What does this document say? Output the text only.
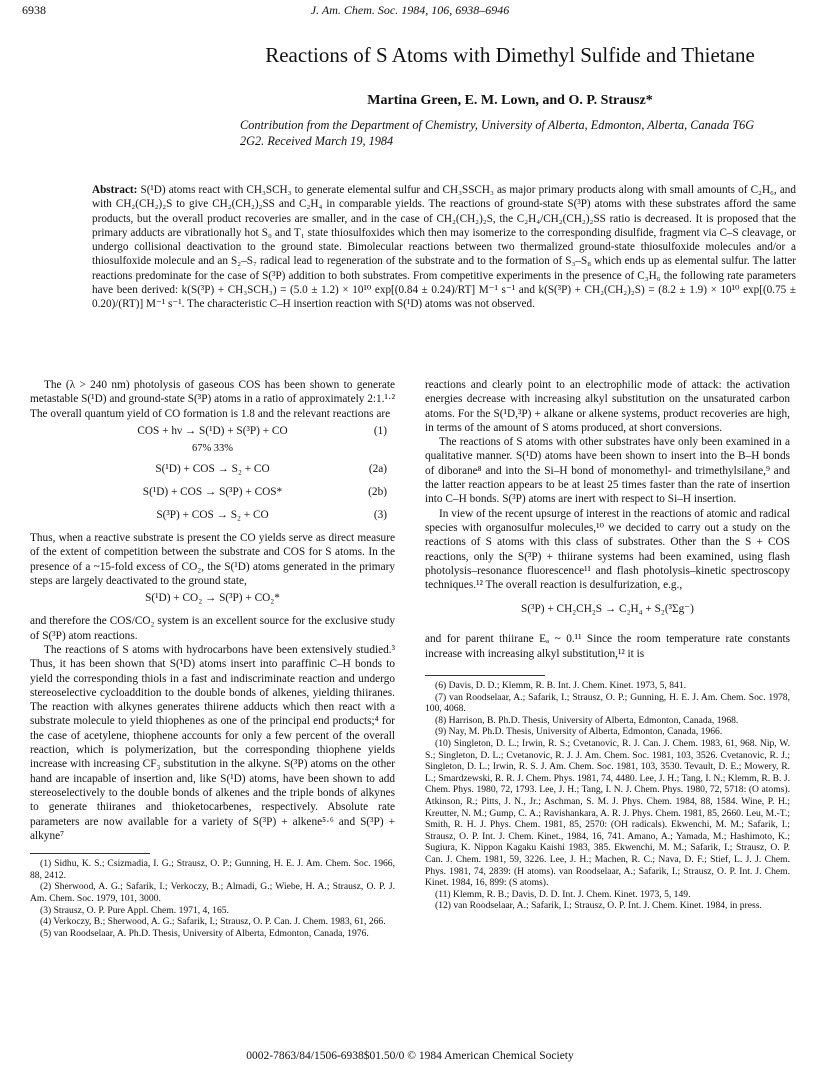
6938	J. Am. Chem. Soc. 1984, 106, 6938–6946
Reactions of S Atoms with Dimethyl Sulfide and Thietane
Martina Green, E. M. Lown, and O. P. Strausz*
Contribution from the Department of Chemistry, University of Alberta, Edmonton, Alberta, Canada T6G 2G2. Received March 19, 1984
Abstract: S(¹D) atoms react with CH₃SCH₃ to generate elemental sulfur and CH₃SSCH₃ as major primary products along with small amounts of C₂H₆, and with CH₂(CH₂)₂S to give CH₂(CH₂)₂SS and C₂H₄ in comparable yields. The reactions of ground-state S(³P) atoms with these substrates afford the same products, but the overall product recoveries are smaller, and in the case of CH₂(CH₂)₂S, the C₂H₄/CH₂(CH₂)₂SS ratio is decreased. It is proposed that the primary adducts are vibrationally hot S₀ and T₁ state thiosulfoxides which then may isomerize to the corresponding disulfide, fragment via C–S cleavage, or undergo collisional deactivation to the ground state. Bimolecular reactions between two thermalized ground-state thiosulfoxide molecules and/or a thiosulfoxide molecule and an S₂–S₇ radical lead to regeneration of the substrate and to the formation of S₃–S₈ which ends up as elemental sulfur. The latter reactions predominate for the case of S(³P) addition to both substrates. From competitive experiments in the presence of C₃H₆ the following rate parameters have been derived: k(S(³P) + CH₃SCH₃) = (5.0 ± 1.2) × 10¹⁰ exp[(0.84 ± 0.24)/RT] M⁻¹ s⁻¹ and k(S(³P) + CH₂(CH₂)₂S) = (8.2 ± 1.9) × 10¹⁰ exp[(0.75 ± 0.20)/(RT)] M⁻¹ s⁻¹. The characteristic C–H insertion reaction with S(¹D) atoms was not observed.

The (λ > 240 nm) photolysis of gaseous COS has been shown to generate metastable S(¹D) and ground-state S(³P) atoms in a ratio of approximately 2:1.¹·² The overall quantum yield of CO formation is 1.8 and the relevant reactions are

COS + hν → S(¹D) + S(³P) + CO	(1)
67% 33%
S(¹D) + COS → S₂ + CO	(2a)
S(¹D) + COS → S(³P) + COS*	(2b)
S(³P) + COS → S₂ + CO	(3)

Thus, when a reactive substrate is present the CO yields serve as direct measure of the extent of competition between the substrate and COS for S atoms. In the presence of a ~15-fold excess of CO₂, the S(¹D) atoms generated in the primary steps are largely deactivated to the ground state,

S(¹D) + CO₂ → S(³P) + CO₂*

and therefore the COS/CO₂ system is an excellent source for the exclusive study of S(³P) atom reactions.

The reactions of S atoms with hydrocarbons have been extensively studied.³ Thus, it has been shown that S(¹D) atoms insert into paraffinic C–H bonds to yield the corresponding thiols in a fast and indiscriminate reaction and undergo stereoselective cycloaddition to the double bonds of alkenes, yielding thiiranes. The reaction with alkynes generates thiirene adducts which then react with a substrate molecule to yield thiophenes as one of the principal end products;⁴ for the case of acetylene, thiophene accounts for only a few percent of the overall reaction, which is polymerization, but the corresponding thiophene yields increase with increasing CF₃ substitution in the alkyne. S(³P) atoms on the other hand are incapable of insertion and, like S(¹D) atoms, have been shown to add stereoselectively to the double bonds of alkenes and the triple bonds of alkynes to generate thiiranes and thioketocarbenes, respectively. Absolute rate parameters are now available for a variety of S(³P) + alkene⁵·⁶ and S(³P) + alkyne⁷

(1) Sidhu, K. S.; Csizmadia, I. G.; Strausz, O. P.; Gunning, H. E. J. Am. Chem. Soc. 1966, 88, 2412.
(2) Sherwood, A. G.; Safarik, I.; Verkoczy, B.; Almadi, G.; Wiebe, H. A.; Strausz, O. P. J. Am. Chem. Soc. 1979, 101, 3000.
(3) Strausz, O. P. Pure Appl. Chem. 1971, 4, 165.
(4) Verkoczy, B.; Sherwood, A. G.; Safarik, I.; Strausz, O. P. Can. J. Chem. 1983, 61, 266.
(5) van Roodselaar, A. Ph.D. Thesis, University of Alberta, Edmonton, Canada, 1976.

reactions and clearly point to an electrophilic mode of attack: the activation energies decrease with increasing alkyl substitution on the unsaturated carbon atoms. For the S(¹D,³P) + alkane or alkene systems, product recoveries are high, in terms of the amount of S atoms produced, at short conversions.

The reactions of S atoms with other substrates have only been examined in a qualitative manner. S(¹D) atoms have been shown to insert into the B–H bonds of diborane⁸ and into the Si–H bond of monomethyl- and trimethylsilane,⁹ and the latter reaction appears to be at least 25 times faster than the rate of insertion into C–H bonds. S(³P) atoms are inert with respect to Si–H insertion.

In view of the recent upsurge of interest in the reactions of atomic and radical species with organosulfur molecules,¹⁰ we decided to carry out a study on the reactions of S atoms with this class of substrates. Other than the S + COS reactions, only the S(³P) + thiirane systems had been examined, using flash photolysis–resonance fluorescence¹¹ and flash photolysis–kinetic spectroscopy techniques.¹² The overall reaction is desulfurization, e.g.,

S(³P) + CH₂CH₂S → C₂H₄ + S₂(³Σg⁻)

and for parent thiirane Eₐ ~ 0.¹¹ Since the room temperature rate constants increase with increasing alkyl substitution,¹² it is

(6) Davis, D. D.; Klemm, R. B. Int. J. Chem. Kinet. 1973, 5, 841.
(7) van Roodselaar, A.; Safarik, I.; Strausz, O. P.; Gunning, H. E. J. Am. Chem. Soc. 1978, 100, 4068.
(8) Harrison, B. Ph.D. Thesis, University of Alberta, Edmonton, Canada, 1968.
(9) Nay, M. Ph.D. Thesis, University of Alberta, Edmonton, Canada, 1966.
(10) Singleton, D. L.; Irwin, R. S.; Cvetanovic, R. J. Can. J. Chem. 1983, 61, 968. Nip, W. S.; Singleton, D. L.; Cvetanovic, R. J. J. Am. Chem. Soc. 1981, 103, 3526. Cvetanovic, R. J.; Singleton, D. L.; Irwin, R. S. J. Am. Chem. Soc. 1981, 103, 3530. Tevault, D. E.; Mowery, R. L.; Smardzewski, R. R. J. Chem. Phys. 1981, 74, 4480. Lee, J. H.; Tang, I. N.; Klemm, R. B. J. Chem. Phys. 1980, 72, 1793. Lee, J. H.; Tang, I. N. J. Chem. Phys. 1980, 72, 5718: (O atoms). Atkinson, R.; Pitts, J. N., Jr.; Aschman, S. M. J. Phys. Chem. 1984, 88, 1584. Wine, P. H.; Kreutter, N. M.; Gump, C. A.; Ravishankara, A. R. J. Phys. Chem. 1981, 85, 2660. Leu, M.-T.; Smith, R. H. J. Phys. Chem. 1981, 85, 2570: (OH radicals). Ekwenchi, M. M.; Safarik, I.; Strausz, O. P. Int. J. Chem. Kinet., 1984, 16, 741. Amano, A.; Yamada, M.; Hashimoto, K.; Sugiura, K. Nippon Kagaku Kaishi 1983, 385. Ekwenchi, M. M.; Safarik, I.; Strausz, O. P. Can. J. Chem. 1981, 59, 3226. Lee, J. H.; Machen, R. C.; Nava, D. F.; Stief, L. J. J. Chem. Phys. 1981, 74, 2839: (H atoms). van Roodselaar, A.; Safarik, I.; Strausz, O. P. Int. J. Chem. Kinet. 1984, 16, 899: (S atoms).
(11) Klemm, R. B.; Davis, D. D. Int. J. Chem. Kinet. 1973, 5, 149.
(12) van Roodselaar, A.; Safarik, I.; Strausz, O. P. Int. J. Chem. Kinet. 1984, in press.
0002-7863/84/1506-6938$01.50/0 © 1984 American Chemical Society
